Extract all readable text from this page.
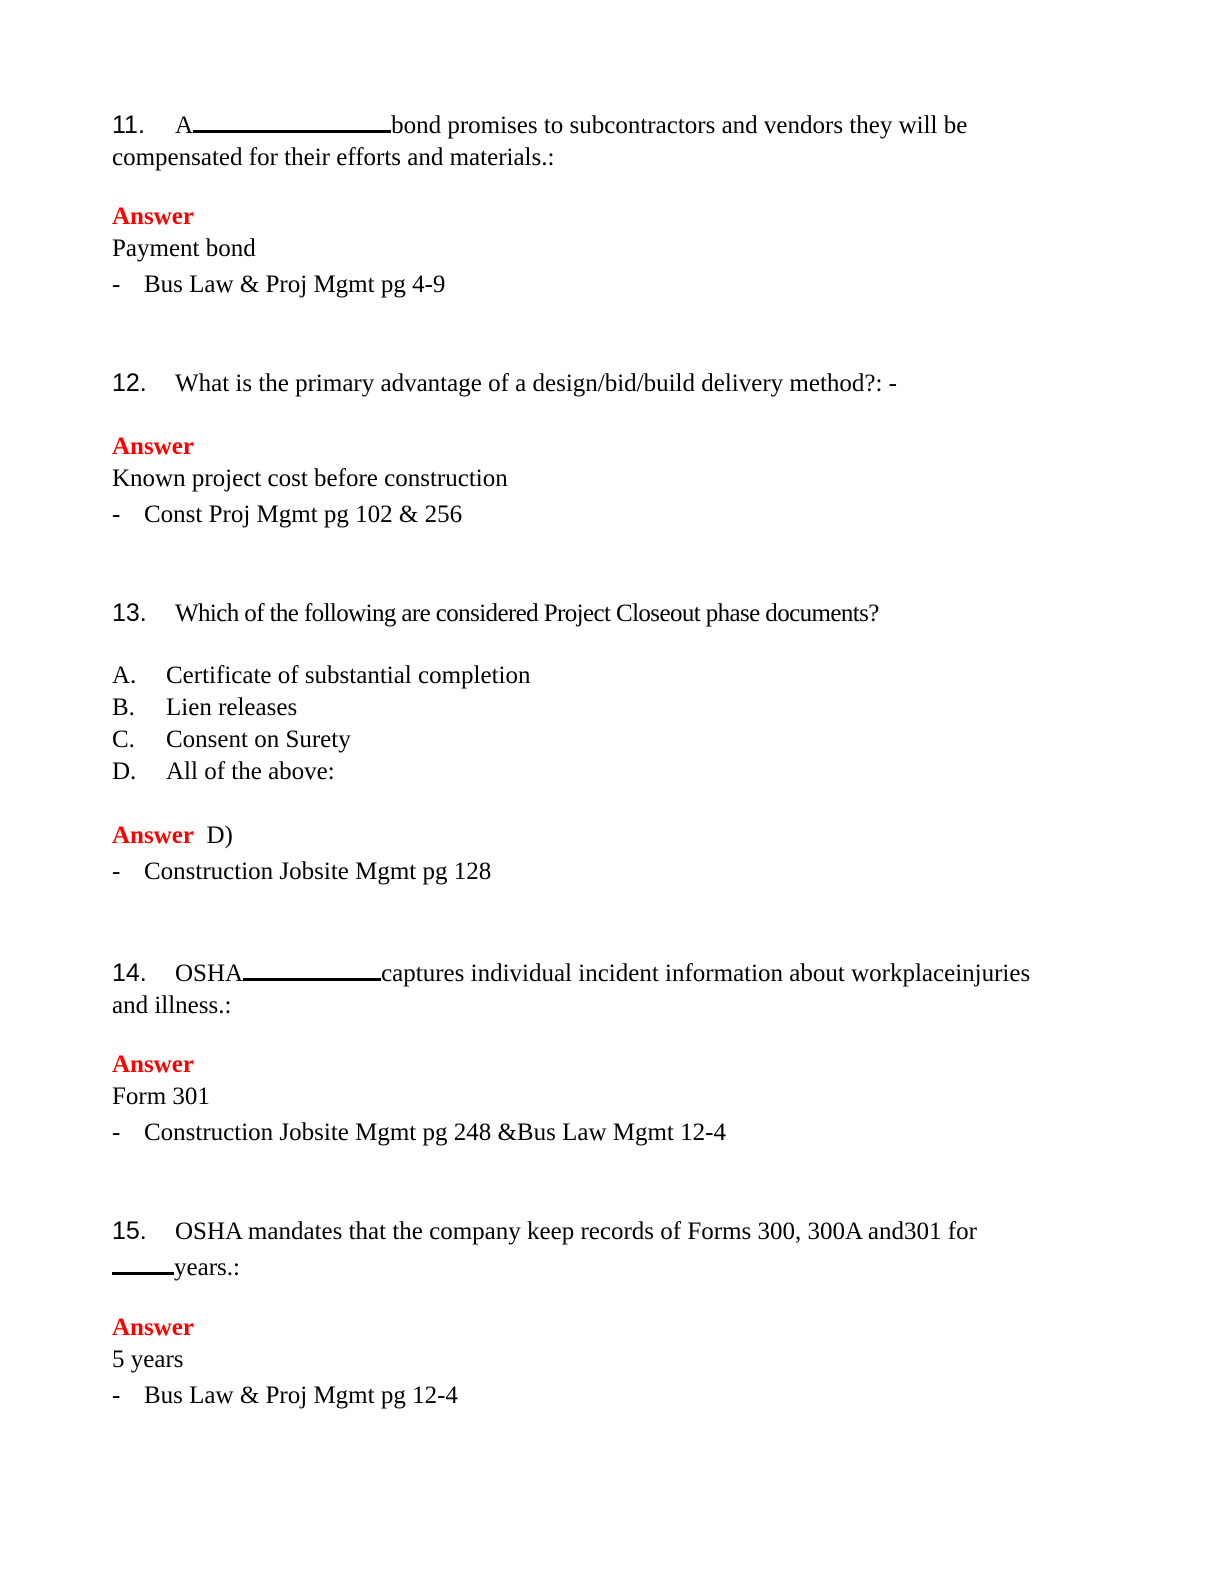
11. A	bond promises to subcontractors and vendors they will be
compensated for their efforts and materials.:
Answer
Payment bond
- Bus Law & Proj Mgmt pg 4-9
12. What is the primary advantage of a design/bid/build delivery method?: -
Answer
Known project cost before construction
- Const Proj Mgmt pg 102 & 256
13. Which of the following are considered Project Closeout phase documents?
A. Certificate of substantial completion
B. Lien releases
C. Consent on Surety
D. All of the above:
Answer D)
- Construction Jobsite Mgmt pg 128
14. OSHA	captures individual incident information about workplaceinjuries
and illness.:
Answer
Form 301
- Construction Jobsite Mgmt pg 248 &Bus Law Mgmt 12-4
15. OSHA mandates that the company keep records of Forms 300, 300A and301 for
years.:
Answer
5 years
- Bus Law & Proj Mgmt pg 12-4
